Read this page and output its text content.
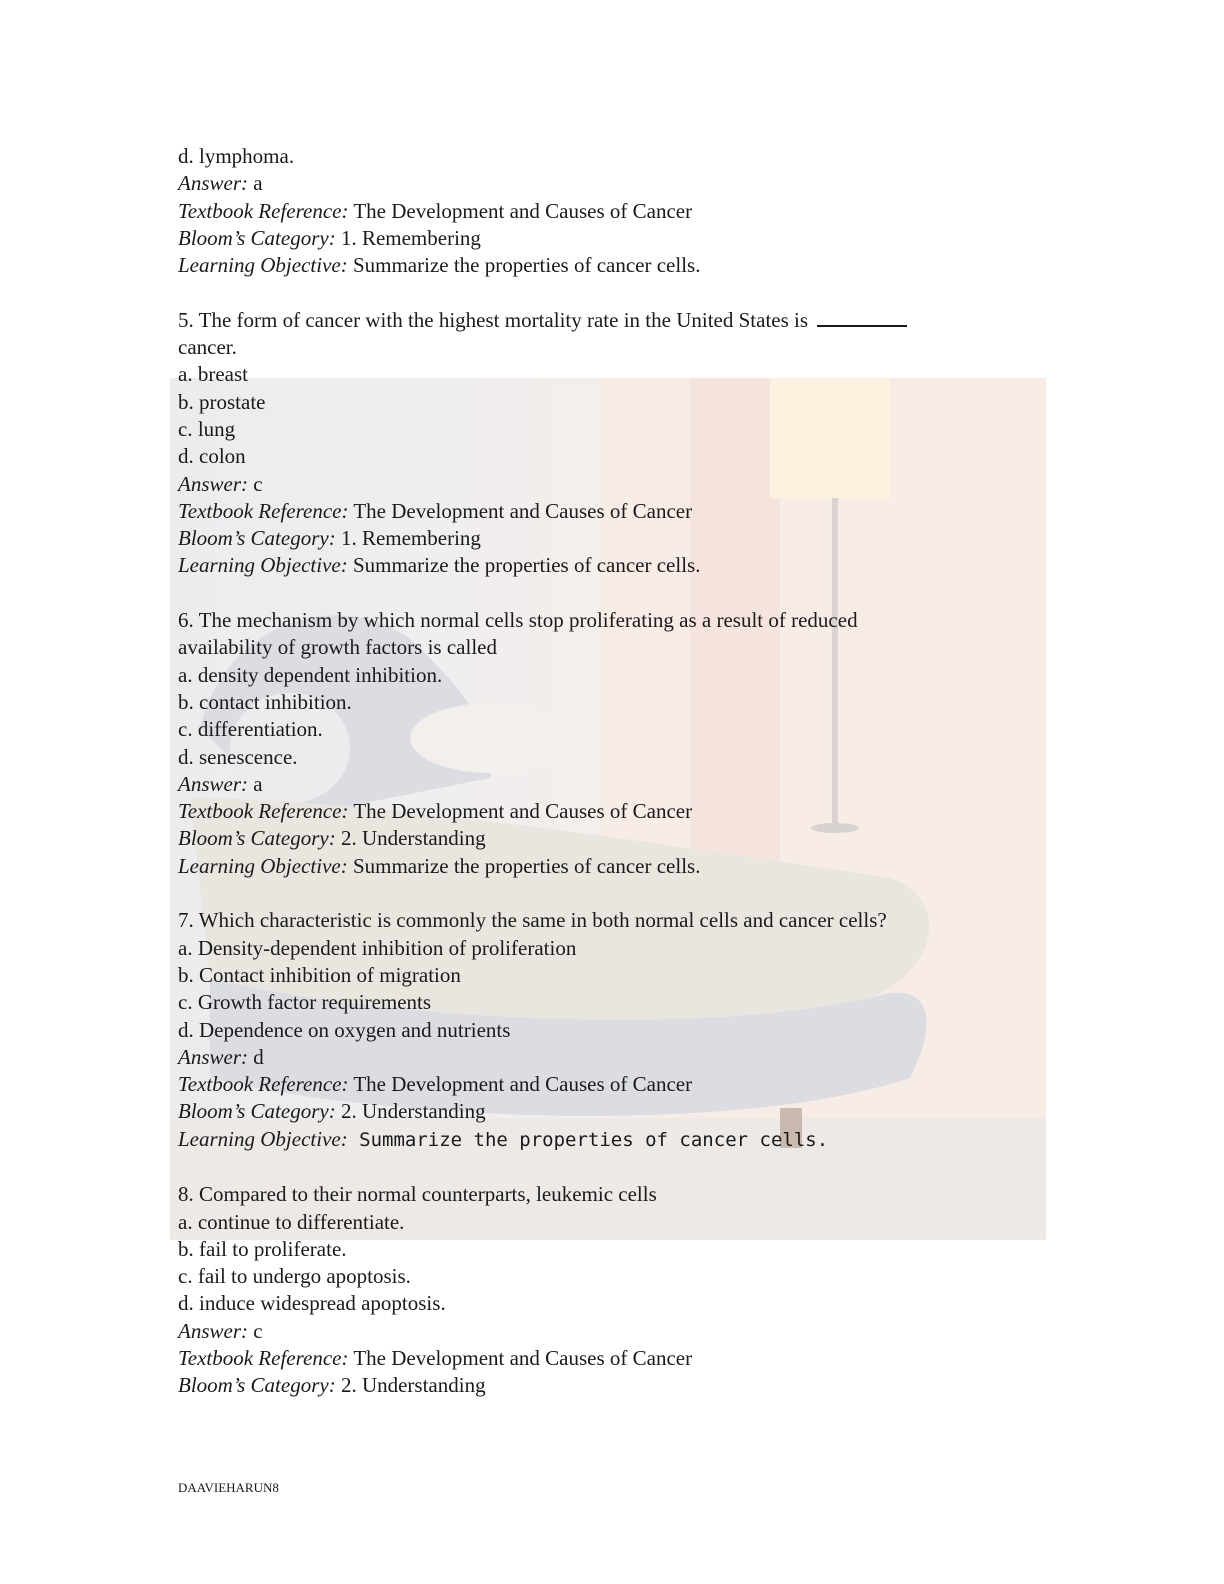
d. lymphoma.
Answer: a
Textbook Reference: The Development and Causes of Cancer
Bloom’s Category: 1. Remembering
Learning Objective: Summarize the properties of cancer cells.
5. The form of cancer with the highest mortality rate in the United States is
cancer.
a. breast
b. prostate
c. lung
d. colon
Answer: c
Textbook Reference: The Development and Causes of Cancer
Bloom’s Category: 1. Remembering
Learning Objective: Summarize the properties of cancer cells.
6. The mechanism by which normal cells stop proliferating as a result of reduced
availability of growth factors is called
a. density dependent inhibition.
b. contact inhibition.
c. differentiation.
d. senescence.
Answer: a
Textbook Reference: The Development and Causes of Cancer
Bloom’s Category: 2. Understanding
Learning Objective: Summarize the properties of cancer cells.
7. Which characteristic is commonly the same in both normal cells and cancer cells?
a. Density-dependent inhibition of proliferation
b. Contact inhibition of migration
c. Growth factor requirements
d. Dependence on oxygen and nutrients
Answer: d
Textbook Reference: The Development and Causes of Cancer
Bloom’s Category: 2. Understanding
Learning Objective: Summarize the properties of cancer cells.
8. Compared to their normal counterparts, leukemic cells
a. continue to differentiate.
b. fail to proliferate.
c. fail to undergo apoptosis.
d. induce widespread apoptosis.
Answer: c
Textbook Reference: The Development and Causes of Cancer
Bloom’s Category: 2. Understanding
DAAVIEHARUN8
